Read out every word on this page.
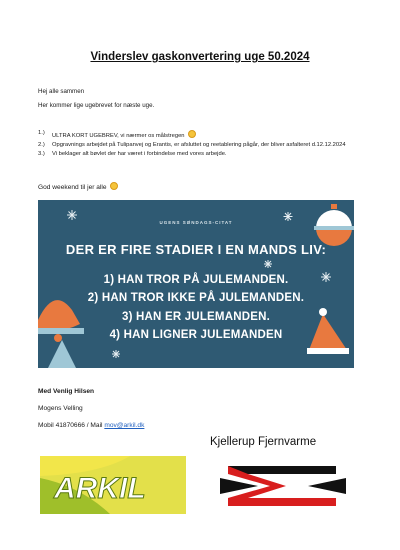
Vinderslev gaskonvertering uge 50.2024
Hej alle sammen
Her kommer lige ugebrevet for næste uge.
1.) ULTRA KORT UGEBREV, vi nærmer os målstregen
2.) Opgravnings arbejdet på Tulipanvej og Erantis, er afsluttet og reetablering pågår, der bliver asfalteret d.12.12.2024
3.) Vi beklager alt bøvlet der har været i forbindelse med vores arbejde.
God weekend til jer alle
UGENS SØNDAGS-CITAT
DER ER FIRE STADIER I EN MANDS LIV:
1) HAN TROR PÅ JULEMANDEN.
2) HAN TROR IKKE PÅ JULEMANDEN.
3) HAN ER JULEMANDEN.
4) HAN LIGNER JULEMANDEN
Med Venlig Hilsen
Mogens Velling
Mobil 41870666 / Mail mov@arkil.dk
Kjellerup Fjernvarme
ARKIL
